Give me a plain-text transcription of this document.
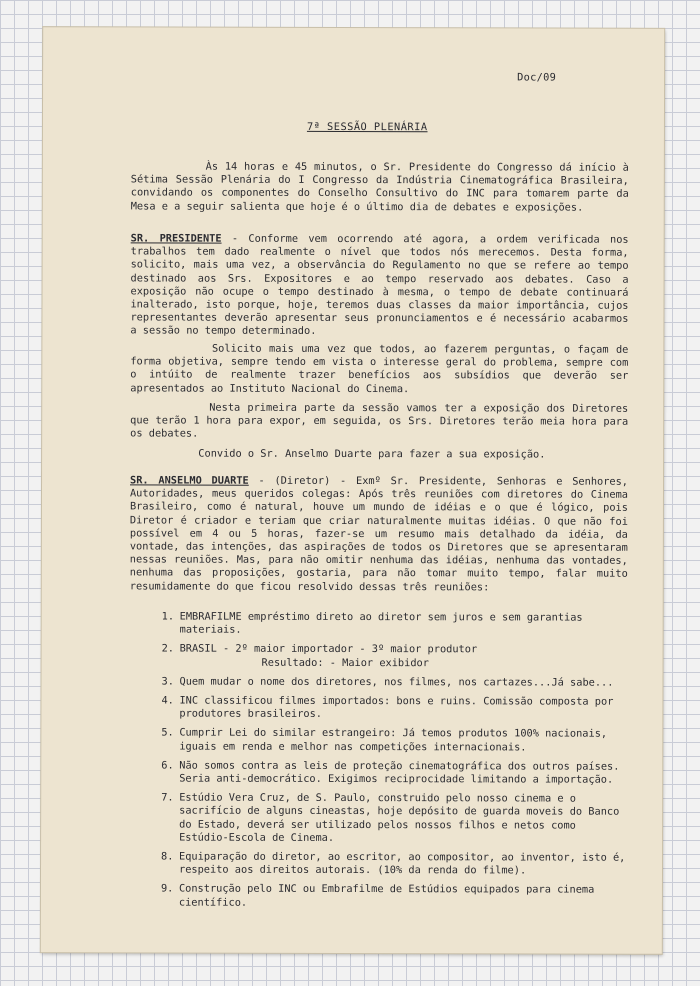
Doc/09
7ª SESSÃO PLENÁRIA

Às 14 horas e 45 minutos, o Sr. Presidente do Congresso dá início à Sétima Sessão Plenária do I Congresso da Indústria Cinematográfica Brasileira, convidando os componentes do Conselho Consultivo do INC para tomarem parte da Mesa e a seguir salienta que hoje é o último dia de debates e exposições.

SR. PRESIDENTE - Conforme vem ocorrendo até agora, a ordem verificada nos trabalhos tem dado realmente o nível que todos nós merecemos. Desta forma, solicito, mais uma vez, a observância do Regulamento no que se refere ao tempo destinado aos Srs. Expositores e ao tempo reservado aos debates. Caso a exposição não ocupe o tempo destinado à mesma, o tempo de debate continuará inalterado, isto porque, hoje, teremos duas classes da maior importância, cujos representantes deverão apresentar seus pronunciamentos e é necessário acabarmos a sessão no tempo determinado.

Solicito mais uma vez que todos, ao fazerem perguntas, o façam de forma objetiva, sempre tendo em vista o interesse geral do problema, sempre com o intúito de realmente trazer benefícios aos subsídios que deverão ser apresentados ao Instituto Nacional do Cinema.

Nesta primeira parte da sessão vamos ter a exposição dos Diretores que terão 1 hora para expor, em seguida, os Srs. Diretores terão meia hora para os debates.

Convido o Sr. Anselmo Duarte para fazer a sua exposição.

SR. ANSELMO DUARTE - (Diretor) - Exmº Sr. Presidente, Senhoras e Senhores, Autoridades, meus queridos colegas: Após três reuniões com diretores do Cinema Brasileiro, como é natural, houve um mundo de idéias e o que é lógico, pois Diretor é criador e teriam que criar naturalmente muitas idéias. O que não foi possível em 4 ou 5 horas, fazer-se um resumo mais detalhado da idéia, da vontade, das intenções, das aspirações de todos os Diretores que se apresentaram nessas reuniões. Mas, para não omitir nenhuma das idéias, nenhuma das vontades, nenhuma das proposições, gostaria, para não tomar muito tempo, falar muito resumidamente do que ficou resolvido dessas três reuniões:

1. EMBRAFILME empréstimo direto ao diretor sem juros e sem garantias materiais.
2. BRASIL - 2º maior importador - 3º maior produtor
Resultado: - Maior exibidor
3. Quem mudar o nome dos diretores, nos filmes, nos cartazes...Já sabe...
4. INC classificou filmes importados: bons e ruins. Comissão composta por produtores brasileiros.
5. Cumprir Lei do similar estrangeiro: Já temos produtos 100% nacionais, iguais em renda e melhor nas competições internacionais.
6. Não somos contra as leis de proteção cinematográfica dos outros países. Seria anti-democrático. Exigimos reciprocidade limitando a importação.
7. Estúdio Vera Cruz, de S. Paulo, construido pelo nosso cinema e o sacrifício de alguns cineastas, hoje depósito de guarda moveis do Banco do Estado, deverá ser utilizado pelos nossos filhos e netos como Estúdio-Escola de Cinema.
8. Equiparação do diretor, ao escritor, ao compositor, ao inventor, isto é, respeito aos direitos autorais. (10% da renda do filme).
9. Construção pelo INC ou Embrafilme de Estúdios equipados para cinema científico.
